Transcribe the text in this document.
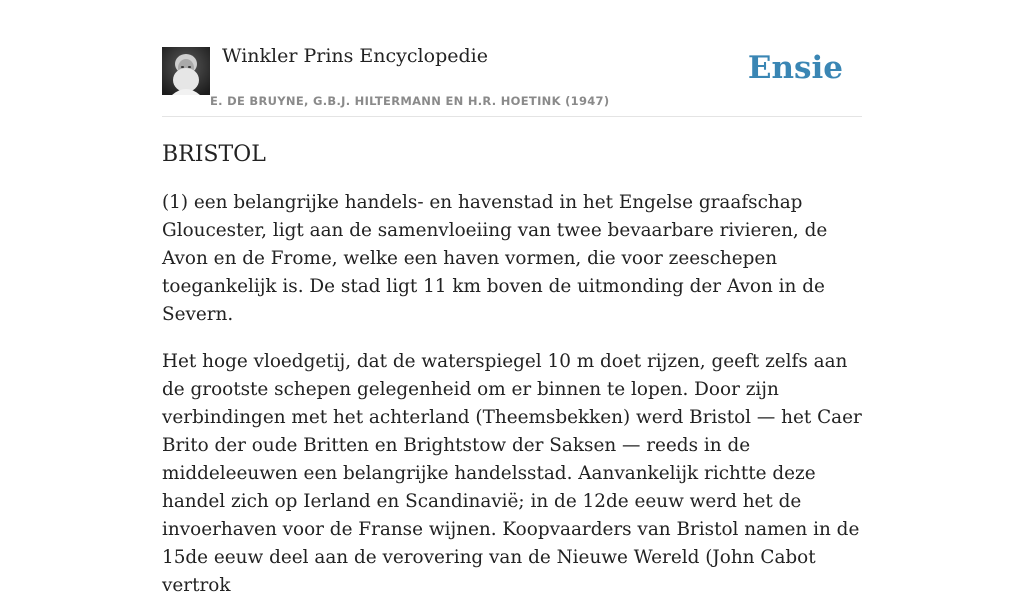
Winkler Prins Encyclopedie
E. DE BRUYNE, G.B.J. HILTERMANN EN H.R. HOETINK (1947)
Ensie
BRISTOL

(1) een belangrijke handels- en havenstad in het Engelse graafschap Gloucester, ligt aan de samenvloeiing van twee bevaarbare rivieren, de Avon en de Frome, welke een haven vormen, die voor zeeschepen toegankelijk is. De stad ligt 11 km boven de uitmonding der Avon in de Severn.

Het hoge vloedgetij, dat de waterspiegel 10 m doet rijzen, geeft zelfs aan de grootste schepen gelegenheid om er binnen te lopen. Door zijn verbindingen met het achterland (Theemsbekken) werd Bristol — het Caer Brito der oude Britten en Brightstow der Saksen — reeds in de middeleeuwen een belangrijke handelsstad. Aanvankelijk richtte deze handel zich op Ierland en Scandinavië; in de 12de eeuw werd het de invoerhaven voor de Franse wijnen. Koopvaarders van Bristol namen in de 15de eeuw deel aan de verovering van de Nieuwe Wereld (John Cabot vertrok
